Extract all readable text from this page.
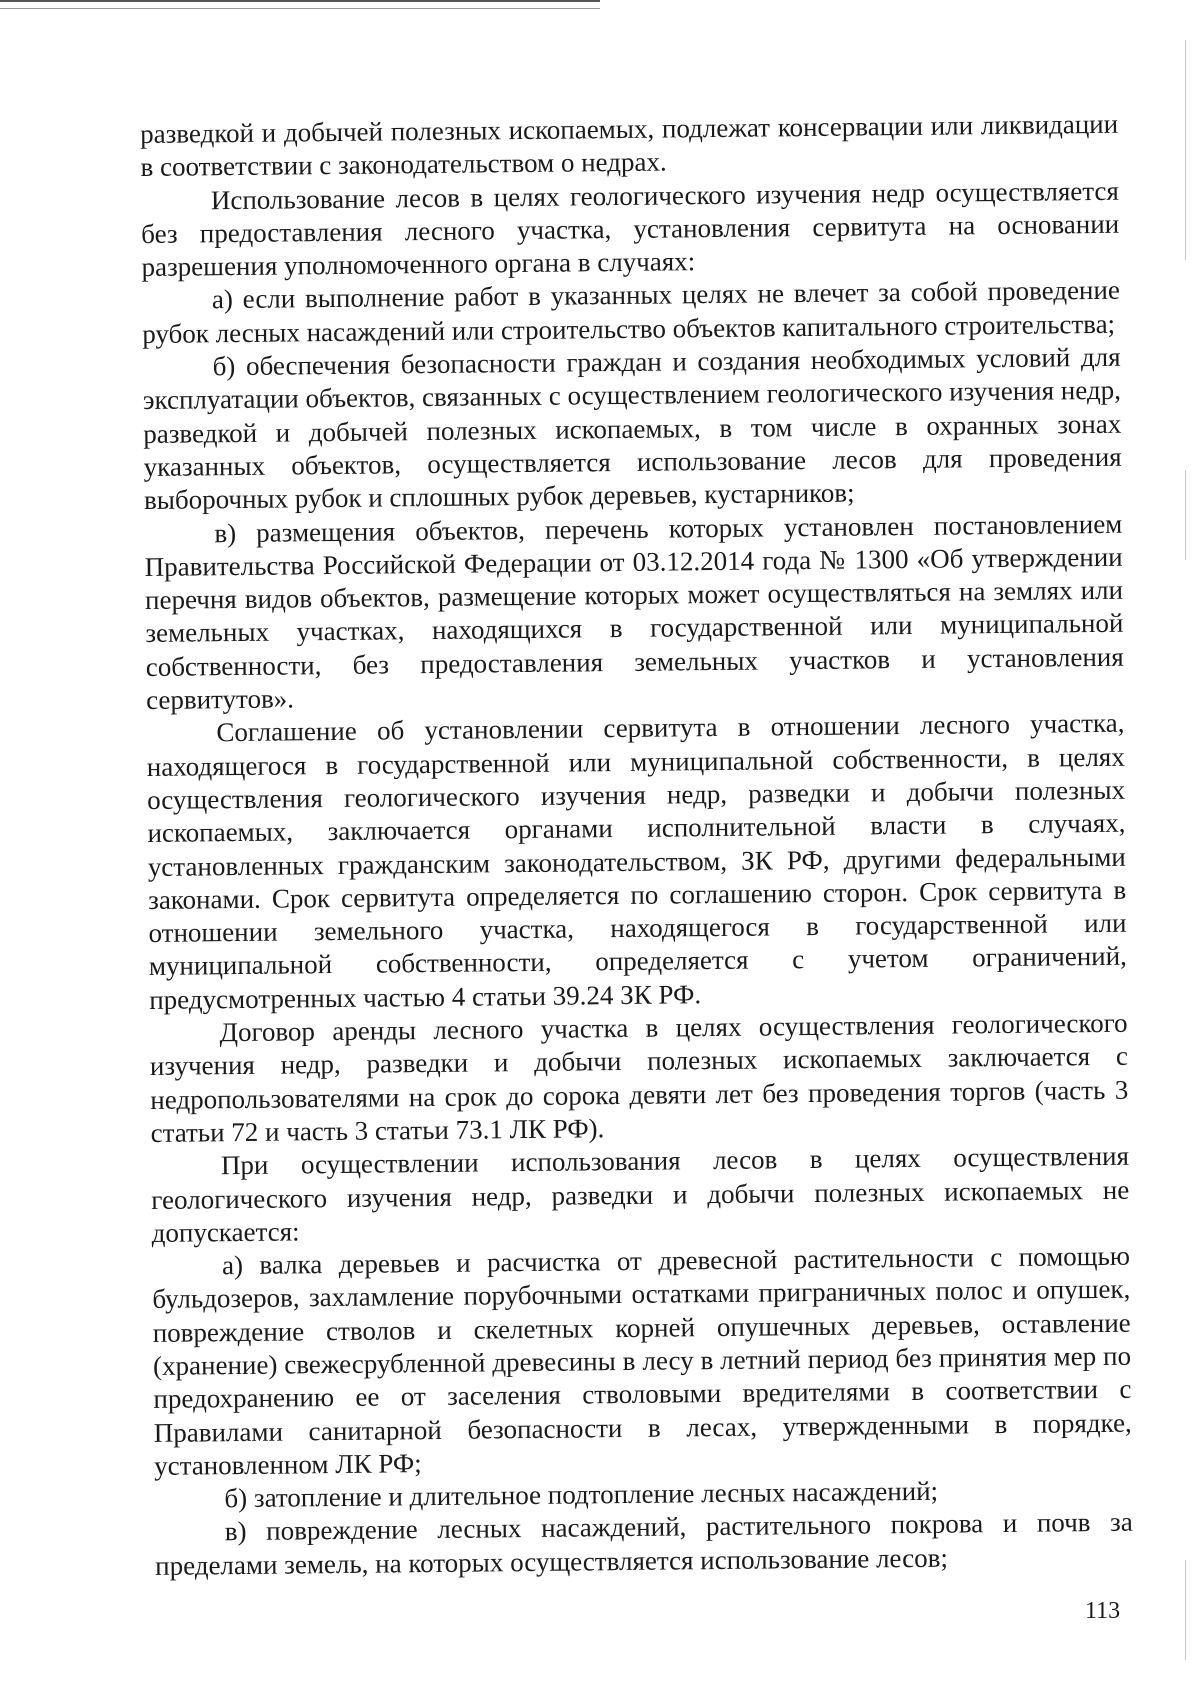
разведкой и добычей полезных ископаемых, подлежат консервации или ликвидации в соответствии с законодательством о недрах.

Использование лесов в целях геологического изучения недр осуществляется без предоставления лесного участка, установления сервитута на основании разрешения уполномоченного органа в случаях:

а) если выполнение работ в указанных целях не влечет за собой проведение рубок лесных насаждений или строительство объектов капитального строительства;

б) обеспечения безопасности граждан и создания необходимых условий для эксплуатации объектов, связанных с осуществлением геологического изучения недр, разведкой и добычей полезных ископаемых, в том числе в охранных зонах указанных объектов, осуществляется использование лесов для проведения выборочных рубок и сплошных рубок деревьев, кустарников;

в) размещения объектов, перечень которых установлен постановлением Правительства Российской Федерации от 03.12.2014 года № 1300 «Об утверждении перечня видов объектов, размещение которых может осуществляться на землях или земельных участках, находящихся в государственной или муниципальной собственности, без предоставления земельных участков и установления сервитутов».

Соглашение об установлении сервитута в отношении лесного участка, находящегося в государственной или муниципальной собственности, в целях осуществления геологического изучения недр, разведки и добычи полезных ископаемых, заключается органами исполнительной власти в случаях, установленных гражданским законодательством, ЗК РФ, другими федеральными законами. Срок сервитута определяется по соглашению сторон. Срок сервитута в отношении земельного участка, находящегося в государственной или муниципальной собственности, определяется с учетом ограничений, предусмотренных частью 4 статьи 39.24 ЗК РФ.

Договор аренды лесного участка в целях осуществления геологического изучения недр, разведки и добычи полезных ископаемых заключается с недропользователями на срок до сорока девяти лет без проведения торгов (часть 3 статьи 72 и часть 3 статьи 73.1 ЛК РФ).

При осуществлении использования лесов в целях осуществления геологического изучения недр, разведки и добычи полезных ископаемых не допускается:

а) валка деревьев и расчистка от древесной растительности с помощью бульдозеров, захламление порубочными остатками приграничных полос и опушек, повреждение стволов и скелетных корней опушечных деревьев, оставление (хранение) свежесрубленной древесины в лесу в летний период без принятия мер по предохранению ее от заселения стволовыми вредителями в соответствии с Правилами санитарной безопасности в лесах, утвержденными в порядке, установленном ЛК РФ;

б) затопление и длительное подтопление лесных насаждений;

в) повреждение лесных насаждений, растительного покрова и почв за пределами земель, на которых осуществляется использование лесов;

113
